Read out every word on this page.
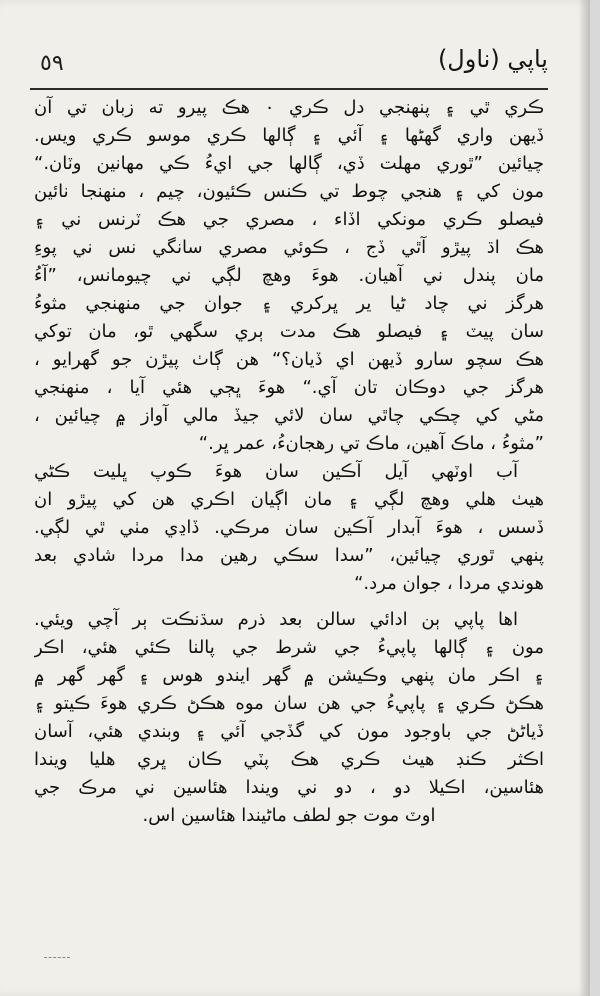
٥٩	پاپي (ناول)
ڪري ٿي ۽ پنهنجي دل ڪري ٠ هڪ پيرو ته زبان تي آن
ڏيهن واري گهڻها ۽ آئي ۽ ڳالها ڪري موسو ڪري ويس.
چيائين ”ٿوري مهلت ڏي، ڳالها جي ايءُ ڪي مهانين وٽان.“
مون کي ۽ هنجي چوط تي ڪنس ڪئيون، چيم ، منهنجا نائين
فيصلو ڪري مونکي اڏاء ، مصري جي هڪ ٽرنس ني ۽
هڪ اڌ پيڙو آٿي ڏج ، ڪوئي مصري سانگي نس ني پوءِ
مان پندل ني آهيان. هوءَ وهچ لڳي ني چيومانس، ”آءُ
هرگز ني چاد ڻيا ير ڀرکري ۽ جوان جي منهنجي مثوءُ
سان پيٽ ۽ فيصلو هڪ مدت ٻري سگهي ٿو، مان توکي
هڪ سچو سارو ڏيهن اي ڏيان؟“ هن ڳاٺ پيڙن جو گهرايو ،
هرگز جي دوڪان تان آي.“ هوءَ ڀڄي هئي آيا ، منهنجي
مڻي کي چڪي چاٿي سان لائي جيڏ مالي آواز ۾ چيائين ،
”مثوءُ ، ماڪ آهين، ماڪ تي رهجانءُ، عمر ڀر.“
آب اوٽهي آيل آڪين سان هوءَ ڪوپ ڀليت ڪڻي
هيٺ هلي وهچ لڳي ۽ مان اڳيان اڪري هن کي پيڙو ان
ڏسس ، هوءَ آبدار آڪين سان مرڪي. ڏاڍي مٺي ٿي لڳي.
پنهي ٿوري چيائين، ”سدا سڪي رهين مدا مردا شادي بعد
هوندي مردا ، جوان مرد.“
اها پاپي ٻن ادائي سالن بعد ذرم سڌنڪت ٻر آچي ويئي.
مون ۽ ڳالها پاپيءُ جي شرط جي پالنا ڪئي هئي، اڪر
۽ اڪر مان پنهي وڪيشن ۾ گهر ايندو هوس ۽ گهر گهر ۾
هڪڻ ڪري ۽ پاپيءُ جي هن سان موه هڪڻ ڪري هوءَ ڪيتو ۽
ڏياڻڻ جي باوجود مون کي گڏجي آئي ۽ وبندي هئي، آسان
اڪثر ڪنڊ هيٺ ڪري هڪ پٽي ڪان ڀري هليا ويندا
هئاسين، اڪيلا دو ، دو ني ويندا هئاسين ني مرڪ جي
اوٽ موت جو لطف ماڻيندا هئاسين اس.
